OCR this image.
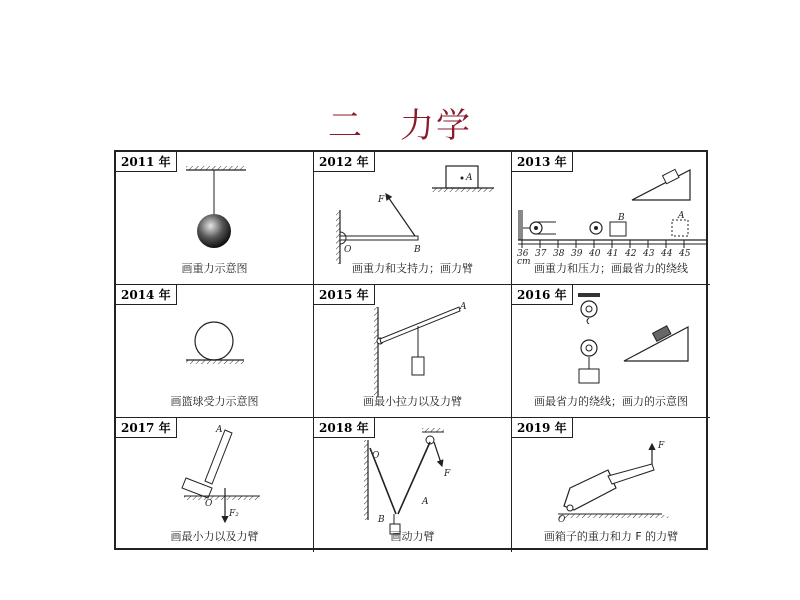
二　力学
2011 年
画重力示意图
F
O	B
A
2012 年
画重力和支持力；画力臂
B	A
36 37 38 39 40 41 42 43 44 45
cm
2013 年
画重力和压力；画最省力的绕线
2014 年
画篮球受力示意图
A
2015 年
画最小拉力以及力臂
2016 年
画最省力的绕线；画力的示意图
A
O
F₂
2017 年
画最小力以及力臂
O
B
A
F
2018 年
画动力臂
F
O
2019 年
画箱子的重力和力 F 的力臂
